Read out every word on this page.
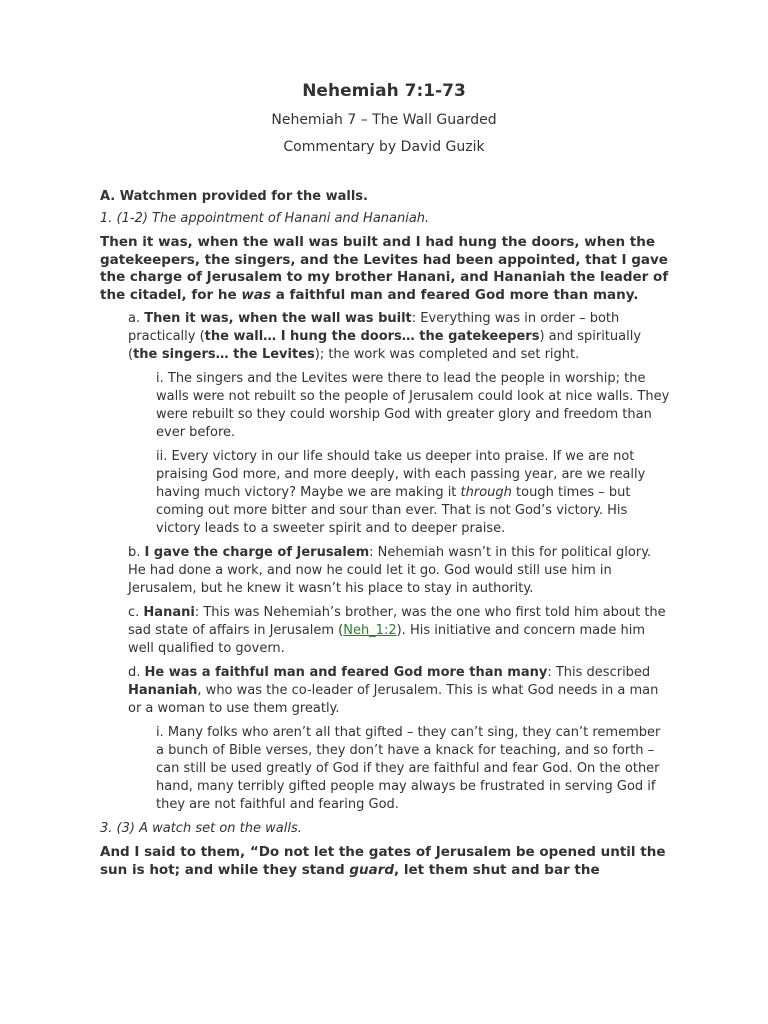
Nehemiah 7:1-73
Nehemiah 7 – The Wall Guarded
Commentary by David Guzik

A. Watchmen provided for the walls.

1. (1-2) The appointment of Hanani and Hananiah.

Then it was, when the wall was built and I had hung the doors, when the gatekeepers, the singers, and the Levites had been appointed, that I gave the charge of Jerusalem to my brother Hanani, and Hananiah the leader of the citadel, for he was a faithful man and feared God more than many.

a. Then it was, when the wall was built: Everything was in order – both practically (the wall… I hung the doors… the gatekeepers) and spiritually (the singers… the Levites); the work was completed and set right.

i. The singers and the Levites were there to lead the people in worship; the walls were not rebuilt so the people of Jerusalem could look at nice walls. They were rebuilt so they could worship God with greater glory and freedom than ever before.

ii. Every victory in our life should take us deeper into praise. If we are not praising God more, and more deeply, with each passing year, are we really having much victory? Maybe we are making it through tough times – but coming out more bitter and sour than ever. That is not God’s victory. His victory leads to a sweeter spirit and to deeper praise.

b. I gave the charge of Jerusalem: Nehemiah wasn’t in this for political glory. He had done a work, and now he could let it go. God would still use him in Jerusalem, but he knew it wasn’t his place to stay in authority.

c. Hanani: This was Nehemiah’s brother, was the one who first told him about the sad state of affairs in Jerusalem (Neh_1:2). His initiative and concern made him well qualified to govern.

d. He was a faithful man and feared God more than many: This described Hananiah, who was the co-leader of Jerusalem. This is what God needs in a man or a woman to use them greatly.

i. Many folks who aren’t all that gifted – they can’t sing, they can’t remember a bunch of Bible verses, they don’t have a knack for teaching, and so forth – can still be used greatly of God if they are faithful and fear God. On the other hand, many terribly gifted people may always be frustrated in serving God if they are not faithful and fearing God.

3. (3) A watch set on the walls.

And I said to them, “Do not let the gates of Jerusalem be opened until the sun is hot; and while they stand guard, let them shut and bar the
